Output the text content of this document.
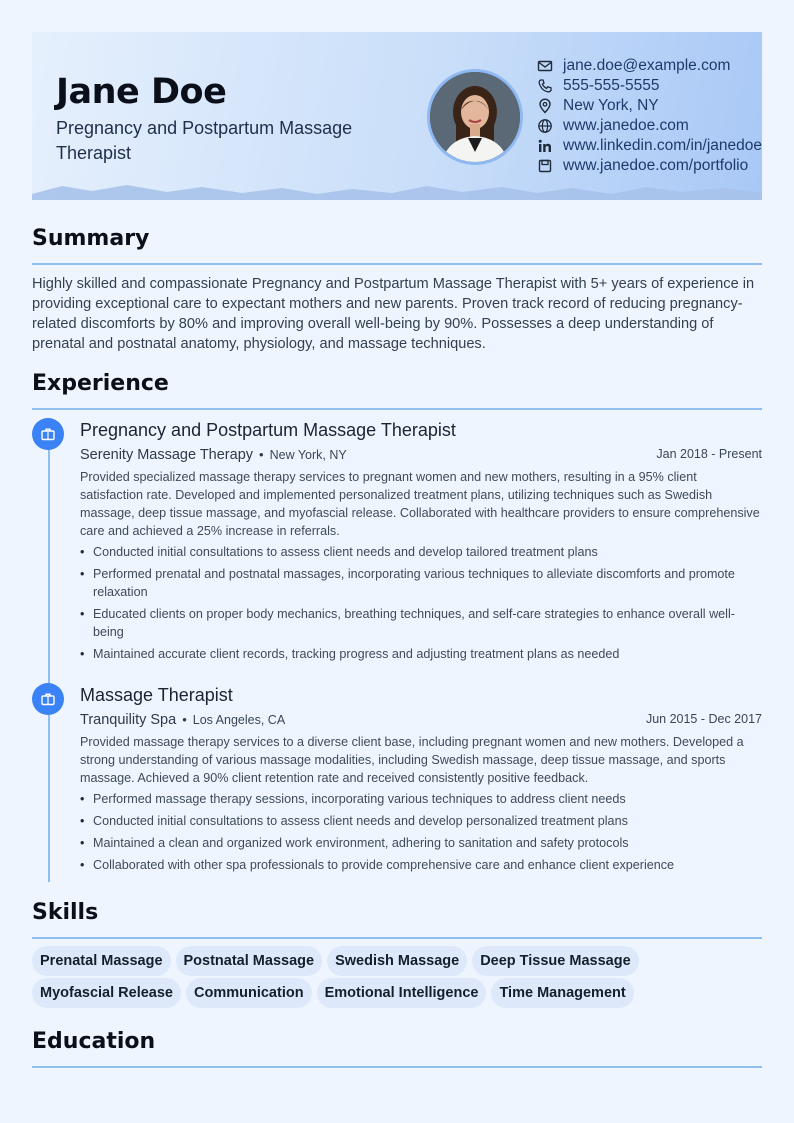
Jane Doe
Pregnancy and Postpartum Massage Therapist
jane.doe@example.com
555-555-5555
New York, NY
www.janedoe.com
www.linkedin.com/in/janedoe
www.janedoe.com/portfolio
Summary
Highly skilled and compassionate Pregnancy and Postpartum Massage Therapist with 5+ years of experience in providing exceptional care to expectant mothers and new parents. Proven track record of reducing pregnancy-related discomforts by 80% and improving overall well-being by 90%. Possesses a deep understanding of prenatal and postnatal anatomy, physiology, and massage techniques.
Experience
Pregnancy and Postpartum Massage Therapist
Serenity Massage Therapy • New York, NY	Jan 2018 - Present
Provided specialized massage therapy services to pregnant women and new mothers, resulting in a 95% client satisfaction rate. Developed and implemented personalized treatment plans, utilizing techniques such as Swedish massage, deep tissue massage, and myofascial release. Collaborated with healthcare providers to ensure comprehensive care and achieved a 25% increase in referrals.
• Conducted initial consultations to assess client needs and develop tailored treatment plans
• Performed prenatal and postnatal massages, incorporating various techniques to alleviate discomforts and promote relaxation
• Educated clients on proper body mechanics, breathing techniques, and self-care strategies to enhance overall well-being
• Maintained accurate client records, tracking progress and adjusting treatment plans as needed
Massage Therapist
Tranquility Spa • Los Angeles, CA	Jun 2015 - Dec 2017
Provided massage therapy services to a diverse client base, including pregnant women and new mothers. Developed a strong understanding of various massage modalities, including Swedish massage, deep tissue massage, and sports massage. Achieved a 90% client retention rate and received consistently positive feedback.
• Performed massage therapy sessions, incorporating various techniques to address client needs
• Conducted initial consultations to assess client needs and develop personalized treatment plans
• Maintained a clean and organized work environment, adhering to sanitation and safety protocols
• Collaborated with other spa professionals to provide comprehensive care and enhance client experience
Skills
Prenatal Massage Postnatal Massage Swedish Massage Deep Tissue Massage
Myofascial Release Communication Emotional Intelligence Time Management
Education
